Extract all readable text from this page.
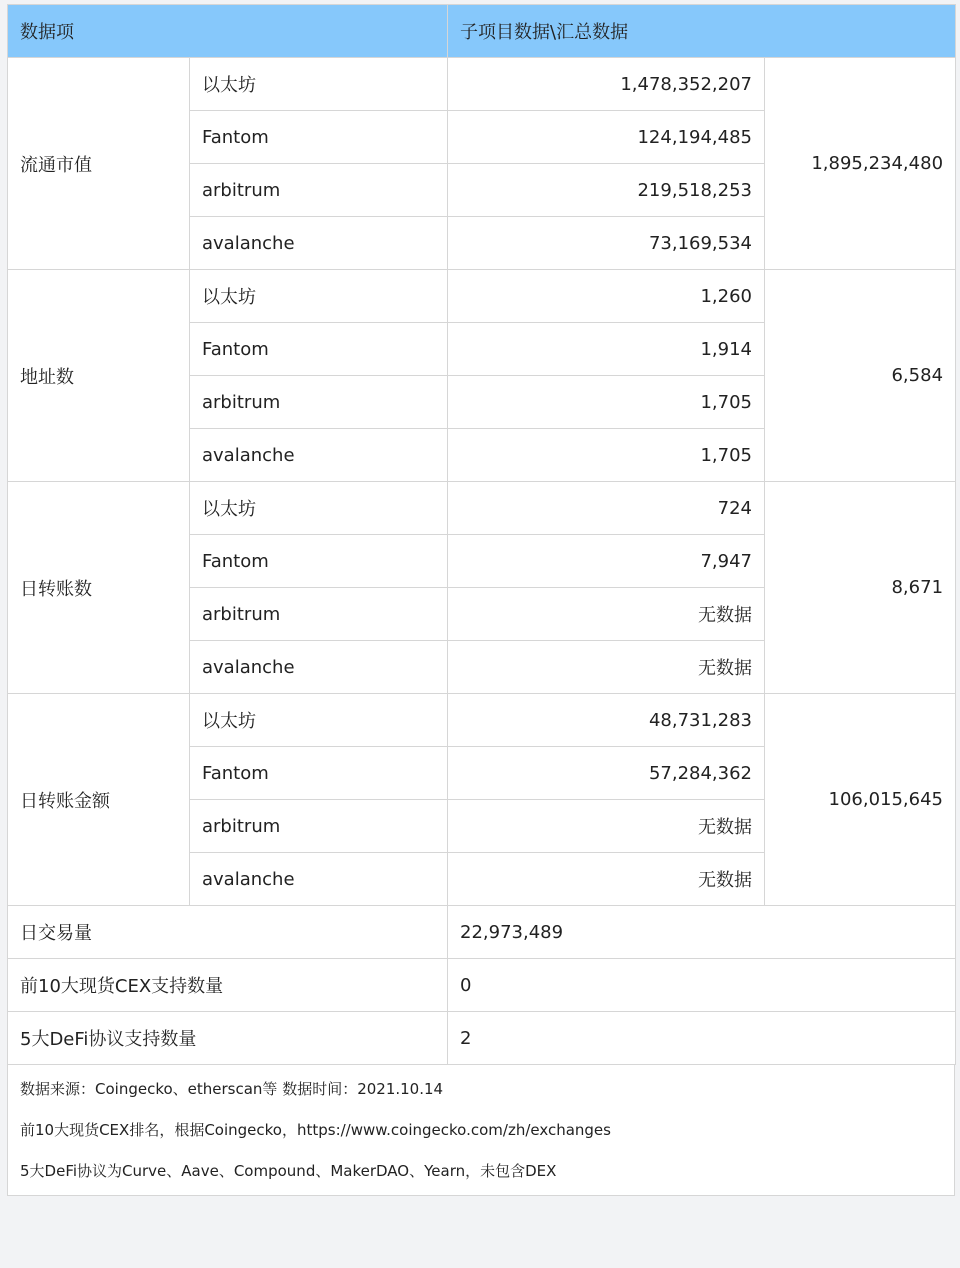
数据项		子项目数据\汇总数据	
流通市值	以太坊	1,478,352,207	1,895,234,480
	Fantom	124,194,485	
	arbitrum	219,518,253	
	avalanche	73,169,534	
地址数	以太坊	1,260	6,584
	Fantom	1,914	
	arbitrum	1,705	
	avalanche	1,705	
日转账数	以太坊	724	8,671
	Fantom	7,947	
	arbitrum	无数据	
	avalanche	无数据	
日转账金额	以太坊	48,731,283	106,015,645
	Fantom	57,284,362	
	arbitrum	无数据	
	avalanche	无数据	
日交易量		22,973,489	
前10大现货CEX支持数量		0	
5大DeFi协议支持数量		2	

数据来源：Coingecko、etherscan等 数据时间：2021.10.14

前10大现货CEX排名，根据Coingecko，https://www.coingecko.com/zh/exchanges

5大DeFi协议为Curve、Aave、Compound、MakerDAO、Yearn，未包含DEX
